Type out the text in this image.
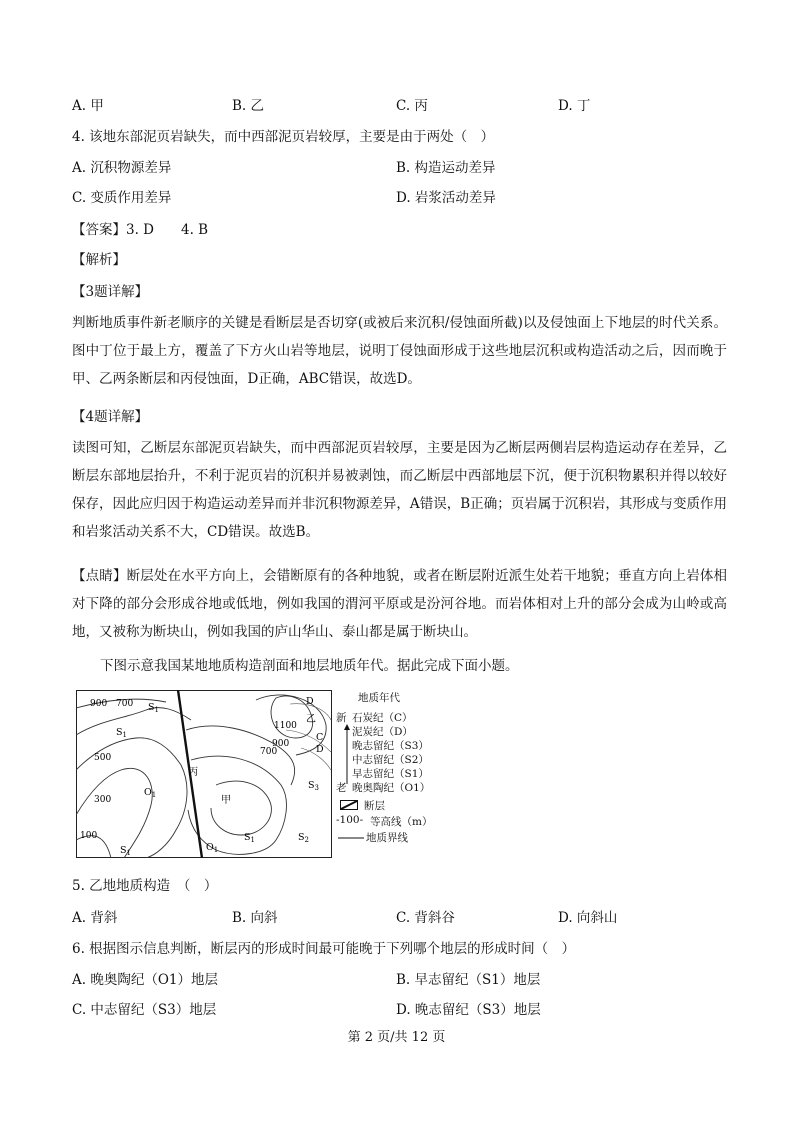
A. 甲	B. 乙	C. 丙	D. 丁
4. 该地东部泥页岩缺失，而中西部泥页岩较厚，主要是由于两处（　）
A. 沉积物源差异	B. 构造运动差异
C. 变质作用差异	D. 岩浆活动差异
【答案】3. D　　4. B
【解析】
【3题详解】
判断地质事件新老顺序的关键是看断层是否切穿(或被后来沉积/侵蚀面所截)以及侵蚀面上下地层的时代关系。图中丁位于最上方，覆盖了下方火山岩等地层，说明丁侵蚀面形成于这些地层沉积或构造活动之后，因而晚于甲、乙两条断层和丙侵蚀面，D正确，ABC错误，故选D。
【4题详解】
读图可知，乙断层东部泥页岩缺失，而中西部泥页岩较厚，主要是因为乙断层两侧岩层构造运动存在差异，乙断层东部地层抬升，不利于泥页岩的沉积并易被剥蚀，而乙断层中西部地层下沉，便于沉积物累积并得以较好保存，因此应归因于构造运动差异而并非沉积物源差异，A错误，B正确；页岩属于沉积岩，其形成与变质作用和岩浆活动关系不大，CD错误。故选B。
【点睛】断层处在水平方向上，会错断原有的各种地貌，或者在断层附近派生处若干地貌；垂直方向上岩体相对下降的部分会形成谷地或低地，例如我国的渭河平原或是汾河谷地。而岩体相对上升的部分会成为山岭或高地，又被称为断块山，例如我国的庐山华山、泰山都是属于断块山。
下图示意我国某地地质构造剖面和地层地质年代。据此完成下面小题。
900 700
500
300
100
1100
900
700
$S_1$
$S_1$
$O_1$
$S_1$	$O_1$
$S_1$
$S_3$
$S_2$
D
C
D
甲
丙
乙
地质年代
新 石炭纪（C）
泥炭纪（D）
晚志留纪（S3）
中志留纪（S2）
早志留纪（S1）
老 晚奥陶纪（O1）
断层
-100- 等高线（m）
地质界线
5. 乙地地质构造　（　）
A. 背斜	B. 向斜	C. 背斜谷	D. 向斜山
6. 根据图示信息判断，断层丙的形成时间最可能晚于下列哪个地层的形成时间（　）
A. 晚奥陶纪（O1）地层	B. 早志留纪（S1）地层
C. 中志留纪（S3）地层	D. 晚志留纪（S3）地层
第 2 页/共 12 页
